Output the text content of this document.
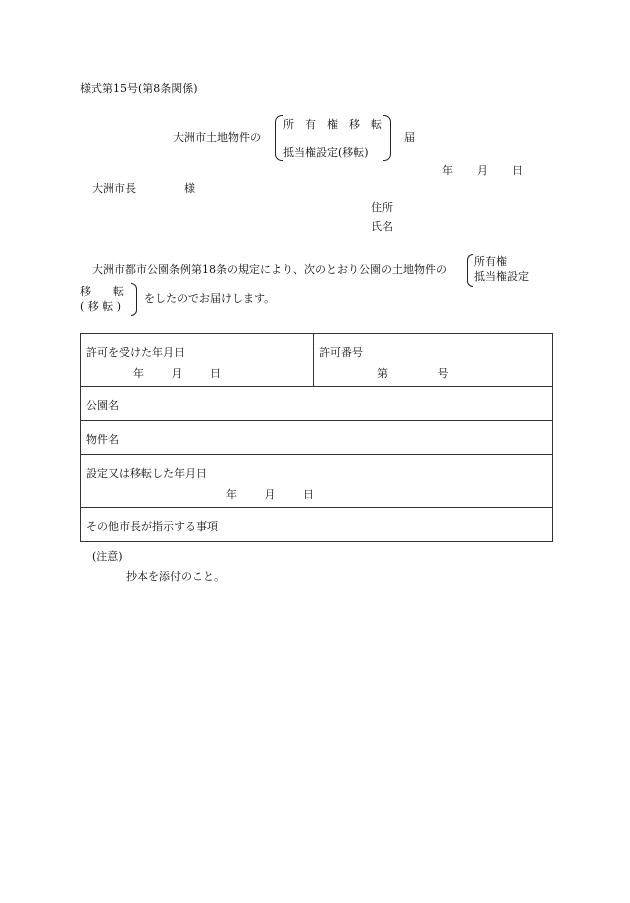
様式第15号(第8条関係)
大洲市土地物件の
所　有　権　移　転
抵当権設定(移転)
届
年 月 日
大洲市長	様
住所
氏名
大洲市都市公園条例第18条の規定により、次のとおり公園の土地物件の
所有権
抵当権設定
移　　転
( 移 転 )
をしたのでお届けします。
許可を受けた年月日
年	月	日

許可番号
第	号

公園名

物件名

設定又は移転した年月日
年	月	日

その他市長が指示する事項
(注意)
抄本を添付のこと。
